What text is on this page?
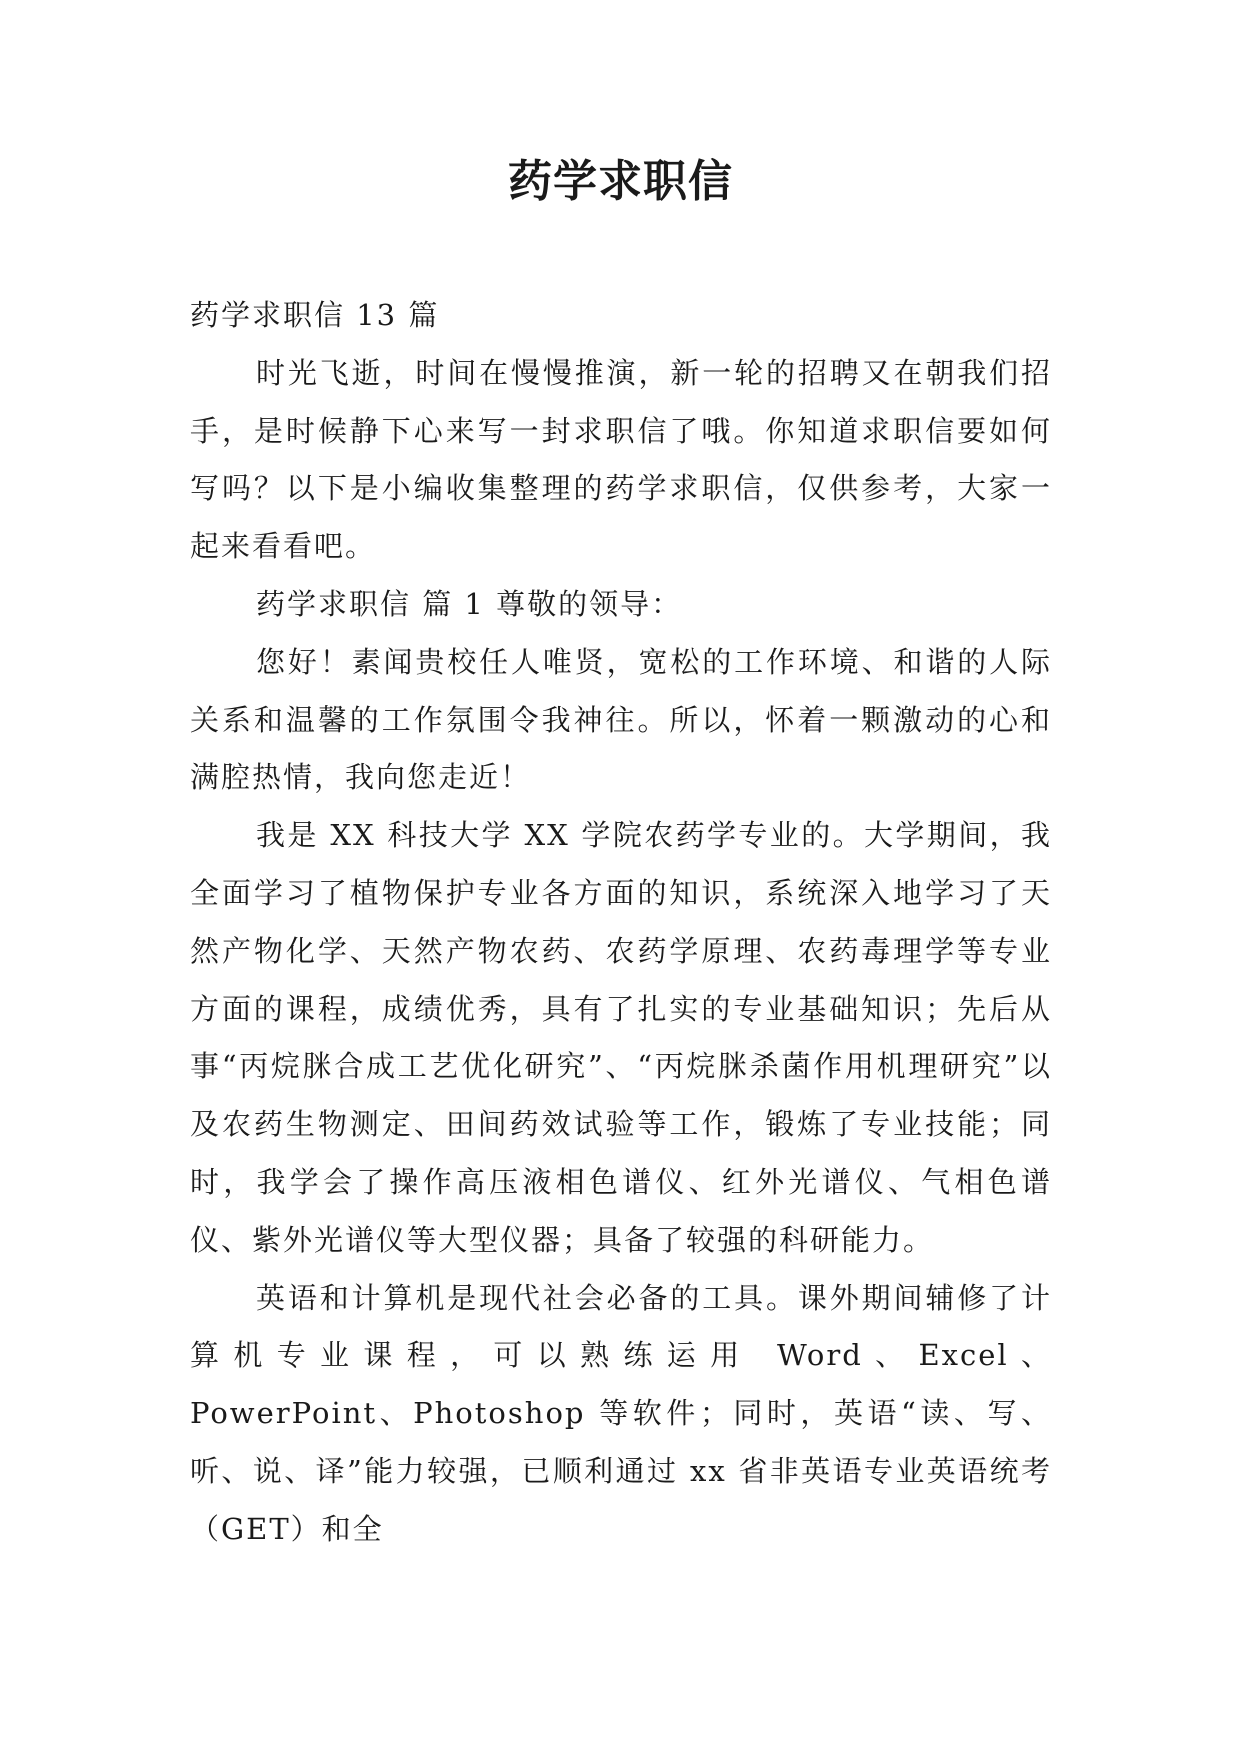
药学求职信

药学求职信 13 篇

时光飞逝，时间在慢慢推演，新一轮的招聘又在朝我们招手，是时候静下心来写一封求职信了哦。你知道求职信要如何写吗？以下是小编收集整理的药学求职信，仅供参考，大家一起来看看吧。

药学求职信 篇 1 尊敬的领导：

您好！素闻贵校任人唯贤，宽松的工作环境、和谐的人际关系和温馨的工作氛围令我神往。所以，怀着一颗激动的心和满腔热情，我向您走近！

我是 XX 科技大学 XX 学院农药学专业的。大学期间，我全面学习了植物保护专业各方面的知识，系统深入地学习了天然产物化学、天然产物农药、农药学原理、农药毒理学等专业方面的课程，成绩优秀，具有了扎实的专业基础知识；先后从事“丙烷脒合成工艺优化研究”、“丙烷脒杀菌作用机理研究”以及农药生物测定、田间药效试验等工作，锻炼了专业技能；同时，我学会了操作高压液相色谱仪、红外光谱仪、气相色谱仪、紫外光谱仪等大型仪器；具备了较强的科研能力。

英语和计算机是现代社会必备的工具。课外期间辅修了计算机专业课程，可以熟练运用 Word、Excel、PowerPoint、Photoshop 等软件；同时，英语“读、写、听、说、译”能力较强，已顺利通过 xx 省非英语专业英语统考（GET）和全
